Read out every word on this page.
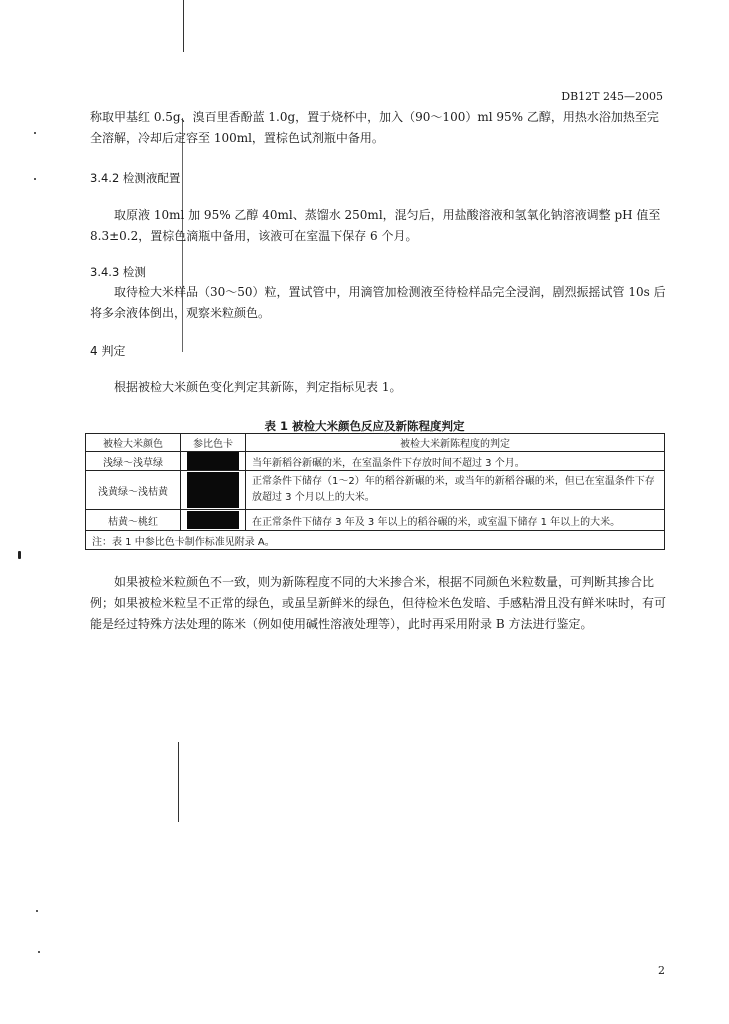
DB12T 245—2005
称取甲基红 0.5g、溴百里香酚蓝 1.0g，置于烧杯中，加入（90～100）ml 95% 乙醇，用热水浴加热至完全溶解，冷却后定容至 100ml，置棕色试剂瓶中备用。
3.4.2 检测液配置
取原液 10ml 加 95% 乙醇 40ml、蒸馏水 250ml，混匀后，用盐酸溶液和氢氧化钠溶液调整 pH 值至 8.3±0.2，置棕色滴瓶中备用，该液可在室温下保存 6 个月。
3.4.3 检测
取待检大米样品（30～50）粒，置试管中，用滴管加检测液至待检样品完全浸润，剧烈振摇试管 10s 后将多余液体倒出，观察米粒颜色。
4 判定
根据被检大米颜色变化判定其新陈，判定指标见表 1。
表 1 被检大米颜色反应及新陈程度判定
被检大米颜色	参比色卡	被检大米新陈程度的判定
浅绿～浅草绿		当年新稻谷新碾的米，在室温条件下存放时间不超过 3 个月。
浅黄绿～浅桔黄		正常条件下储存（1～2）年的稻谷新碾的米，或当年的新稻谷碾的米，但已在室温条件下存放超过 3 个月以上的大米。
桔黄～桃红		在正常条件下储存 3 年及 3 年以上的稻谷碾的米，或室温下储存 1 年以上的大米。
注：表 1 中参比色卡制作标准见附录 A。		
如果被检米粒颜色不一致，则为新陈程度不同的大米掺合米，根据不同颜色米粒数量，可判断其掺合比例；如果被检米粒呈不正常的绿色，或虽呈新鲜米的绿色，但待检米色发暗、手感粘滑且没有鲜米味时，有可能是经过特殊方法处理的陈米（例如使用碱性溶液处理等），此时再采用附录 B 方法进行鉴定。
2
